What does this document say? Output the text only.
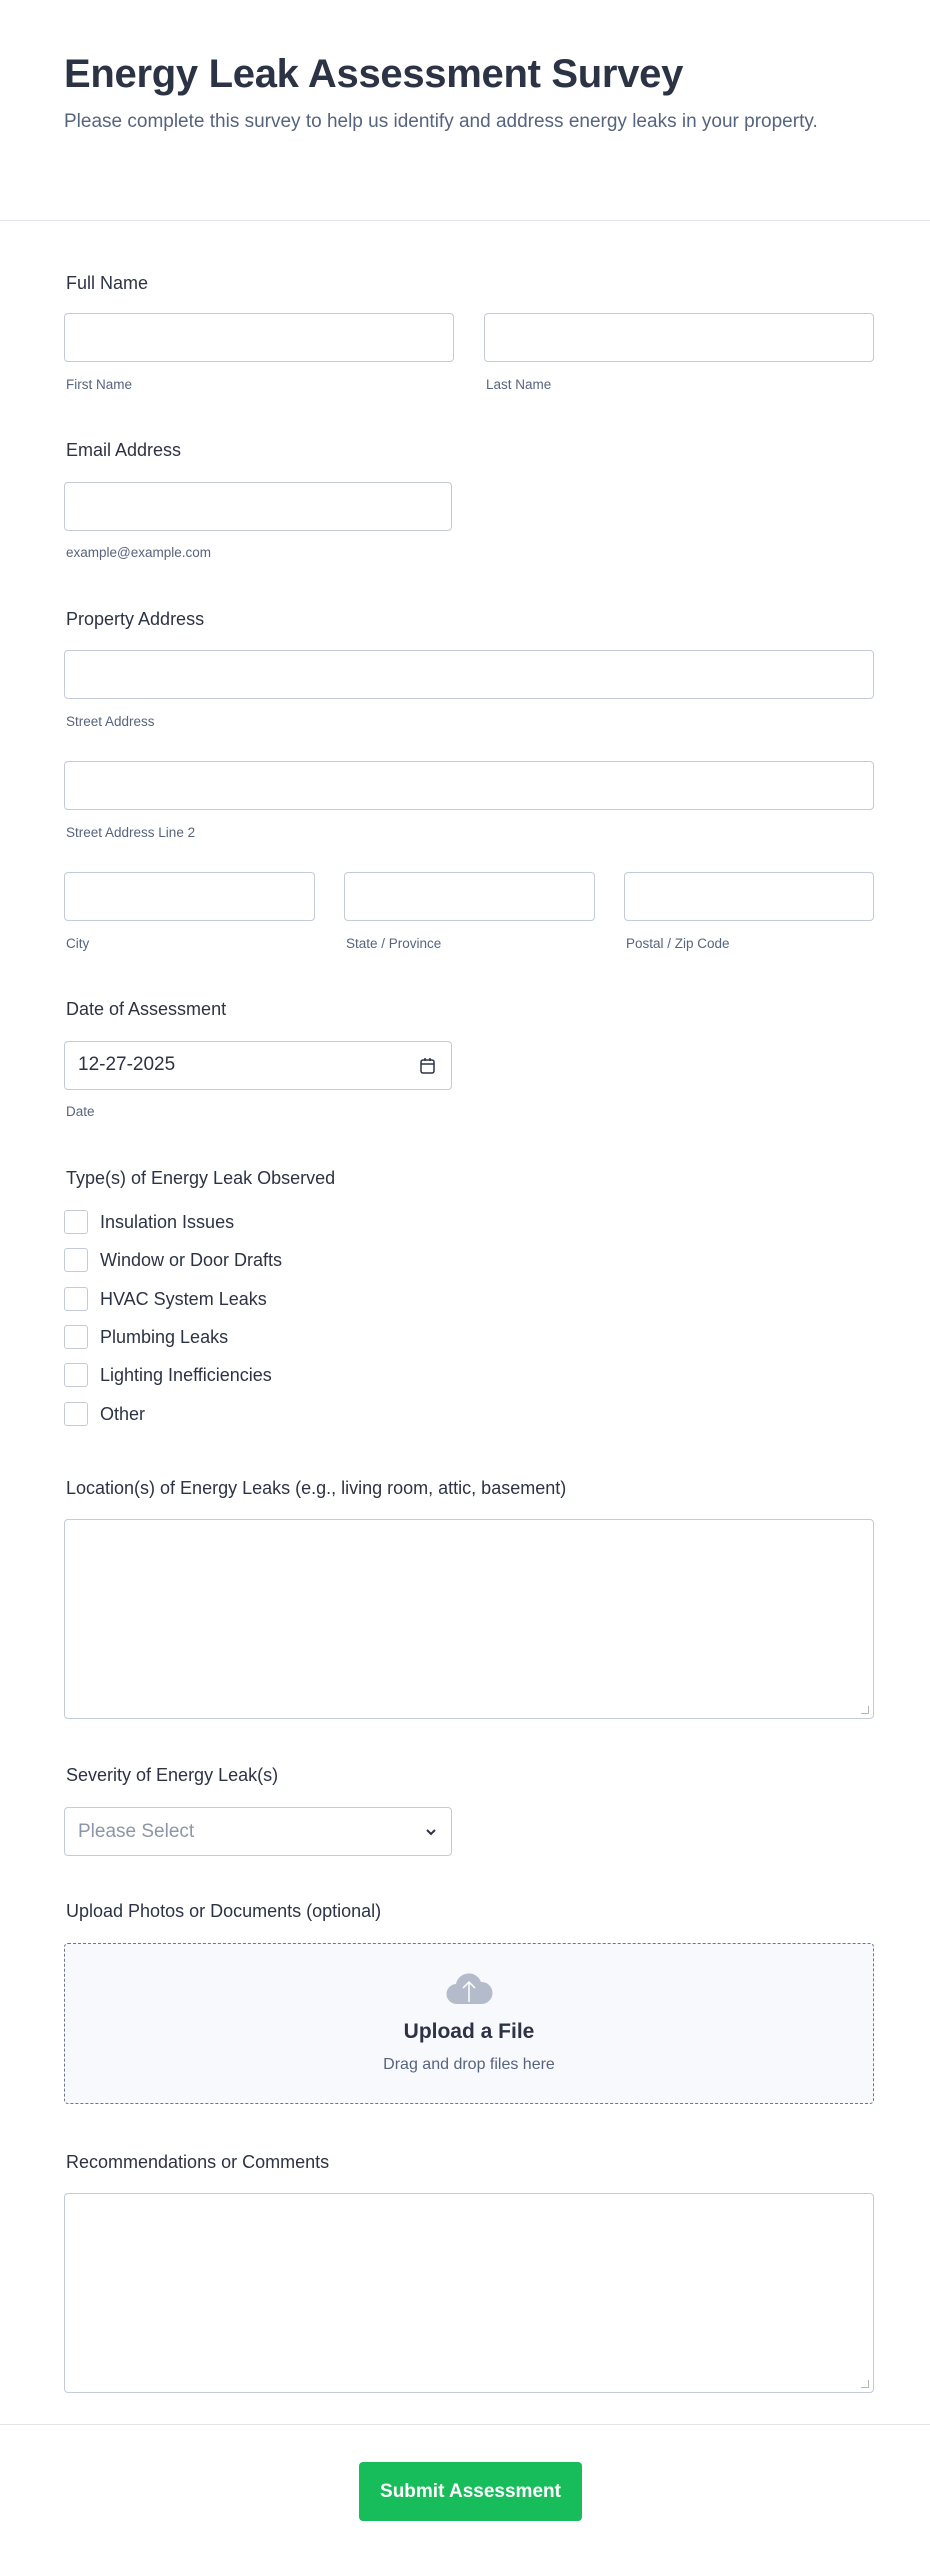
Energy Leak Assessment Survey

Please complete this survey to help us identify and address energy leaks in your property.

Full Name
First Name	Last Name
Email Address
example@example.com
Property Address
Street Address
Street Address Line 2
City	State / Province	Postal / Zip Code
Date of Assessment
12-27-2025
Date
Type(s) of Energy Leak Observed
Insulation Issues
Window or Door Drafts
HVAC System Leaks
Plumbing Leaks
Lighting Inefficiencies
Other
Location(s) of Energy Leaks (e.g., living room, attic, basement)
Severity of Energy Leak(s)
Please Select
Upload Photos or Documents (optional)
Upload a File
Drag and drop files here
Recommendations or Comments
Submit Assessment
